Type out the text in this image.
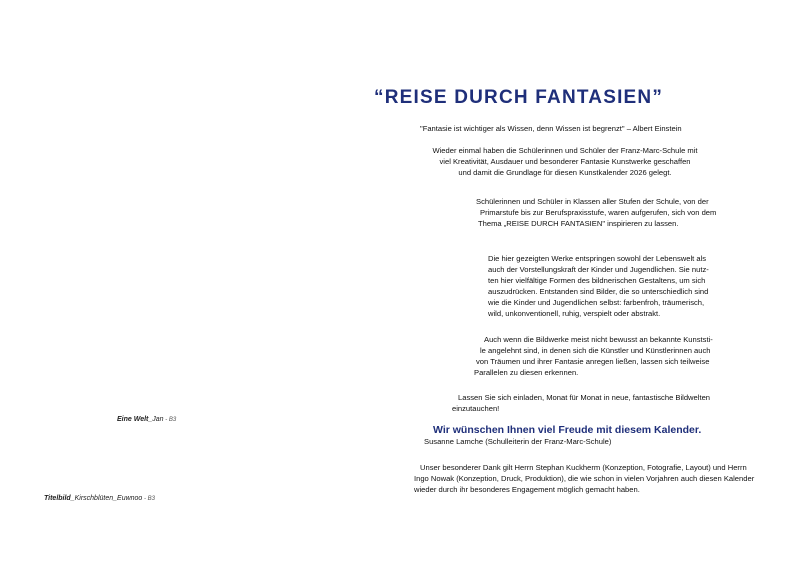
Eine Welt_Jan - B3
Titelbild_Kirschblüten_Euwnoo - B3
“REISE DURCH FANTASIEN”
"Fantasie ist wichtiger als Wissen, denn Wissen ist begrenzt" – Albert Einstein
Wieder einmal haben die Schülerinnen und Schüler der Franz-Marc-Schule mit
viel Kreativität, Ausdauer und besonderer Fantasie Kunstwerke geschaffen
und damit die Grundlage für diesen Kunstkalender 2026 gelegt.
Schülerinnen und Schüler in Klassen aller Stufen der Schule, von der
Primarstufe bis zur Berufspraxisstufe, waren aufgerufen, sich von dem
Thema „REISE DURCH FANTASIEN" inspirieren zu lassen.
Die hier gezeigten Werke entspringen sowohl der Lebenswelt als
auch der Vorstellungskraft der Kinder und Jugendlichen. Sie nutz-
ten hier vielfältige Formen des bildnerischen Gestaltens, um sich
auszudrücken. Entstanden sind Bilder, die so unterschiedlich sind
wie die Kinder und Jugendlichen selbst: farbenfroh, träumerisch,
wild, unkonventionell, ruhig, verspielt oder abstrakt.
Auch wenn die Bildwerke meist nicht bewusst an bekannte Kunststi-
le angelehnt sind, in denen sich die Künstler und Künstlerinnen auch
von Träumen und ihrer Fantasie anregen ließen, lassen sich teilweise
Parallelen zu diesen erkennen.
Lassen Sie sich einladen, Monat für Monat in neue, fantastische Bildwelten
einzutauchen!
Wir wünschen Ihnen viel Freude mit diesem Kalender.
Susanne Lamche (Schulleiterin der Franz-Marc-Schule)
Unser besonderer Dank gilt Herrn Stephan Kuckherm (Konzeption, Fotografie, Layout) und Herrn
Ingo Nowak (Konzeption, Druck, Produktion), die wie schon in vielen Vorjahren auch diesen Kalender
wieder durch ihr besonderes Engagement möglich gemacht haben.
